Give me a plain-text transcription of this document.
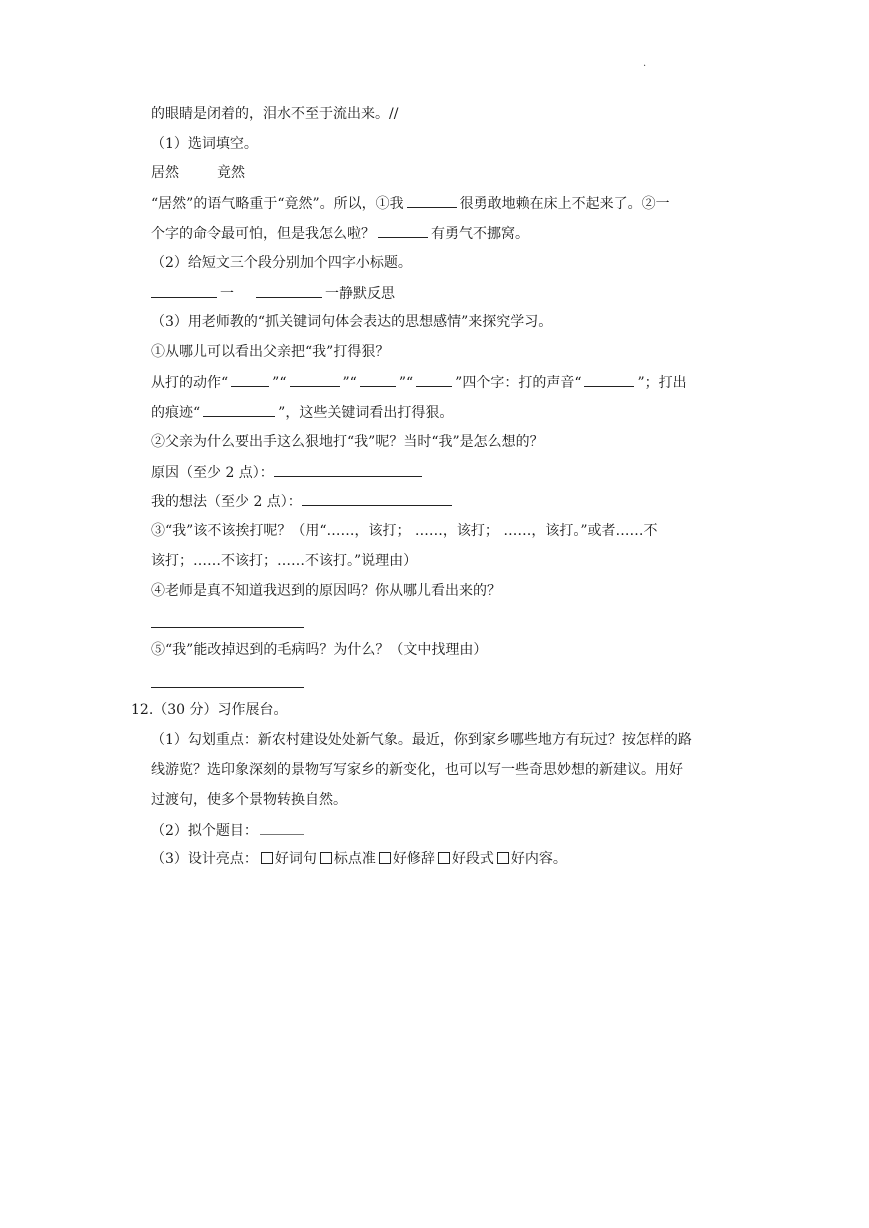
.
的眼睛是闭着的，泪水不至于流出来。//
（1）选词填空。
居然	竟然
“居然”的语气略重于“竟然”。所以，①我	很勇敢地赖在床上不起来了。②一
个字的命令最可怕，但是我怎么啦？	有勇气不挪窝。
（2）给短文三个段分别加个四字小标题。
一	一静默反思
（3）用老师教的“抓关键词句体会表达的思想感情”来探究学习。
①从哪儿可以看出父亲把“我”打得狠？
从打的动作“	”“	”“	”“	”四个字：打的声音“	”；打出
的痕迹“	”，这些关键词看出打得狠。
②父亲为什么要出手这么狠地打“我”呢？当时“我”是怎么想的？
原因（至少 2 点）：
我的想法（至少 2 点）：
③“我”该不该挨打呢？（用“……，该打； ……，该打； ……，该打。”或者……不
该打；……不该打；……不该打。”说理由）
④老师是真不知道我迟到的原因吗？你从哪儿看出来的？
⑤“我”能改掉迟到的毛病吗？为什么？（文中找理由）
12.（30 分）习作展台。
（1）勾划重点：新农村建设处处新气象。最近，你到家乡哪些地方有玩过？按怎样的路
线游览？选印象深刻的景物写写家乡的新变化，也可以写一些奇思妙想的新建议。用好
过渡句，使多个景物转换自然。
（2）拟个题目：
（3）设计亮点： 好词句 标点准 好修辞 好段式 好内容。
